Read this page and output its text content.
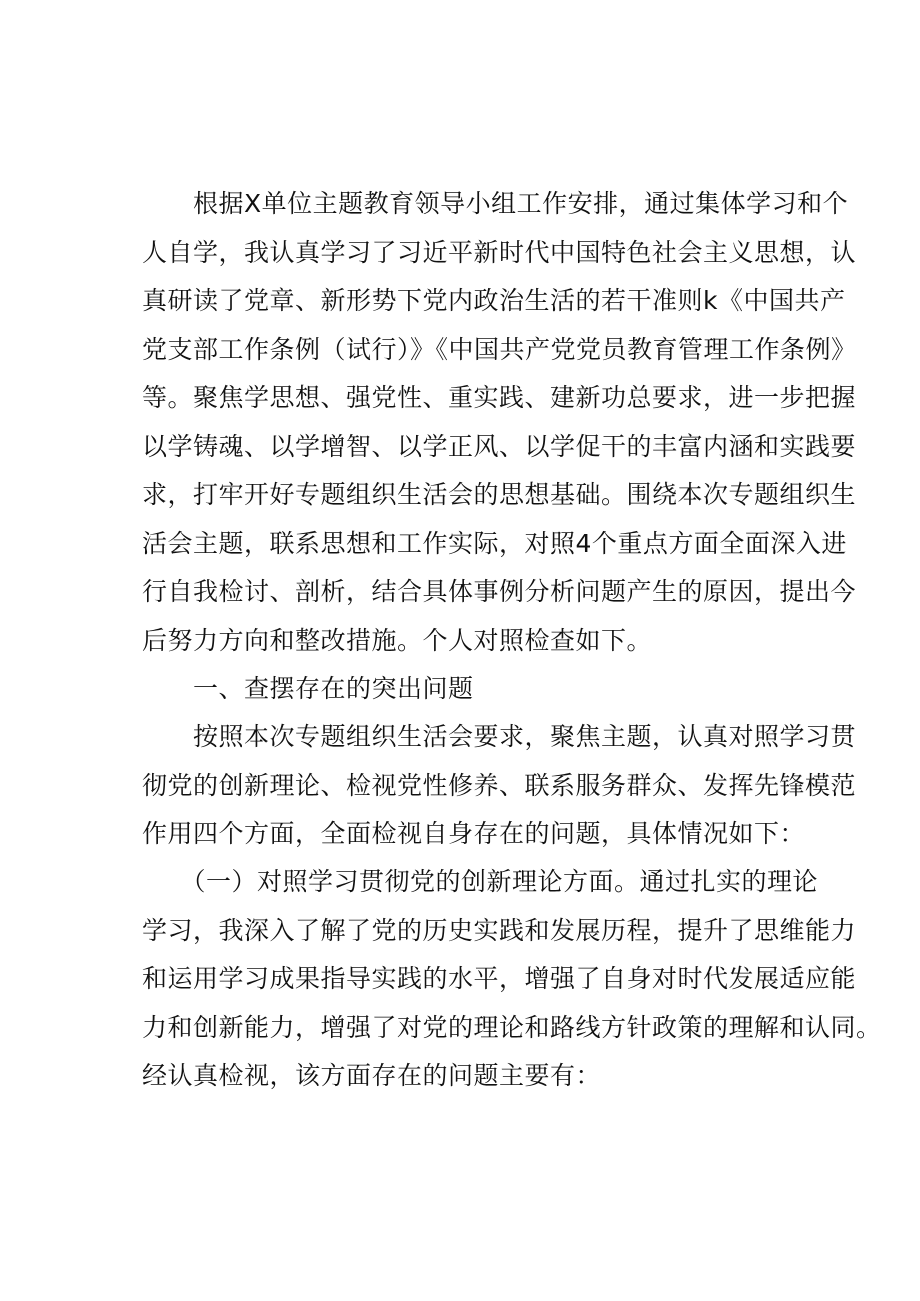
　　根据X单位主题教育领导小组工作安排，通过集体学习和个
人自学，我认真学习了习近平新时代中国特色社会主义思想，认
真研读了党章、新形势下党内政治生活的若干准则k《中国共产
党支部工作条例（试行）》《中国共产党党员教育管理工作条例》
等。聚焦学思想、强党性、重实践、建新功总要求，进一步把握
以学铸魂、以学增智、以学正风、以学促干的丰富内涵和实践要
求，打牢开好专题组织生活会的思想基础。围绕本次专题组织生
活会主题，联系思想和工作实际，对照4个重点方面全面深入进
行自我检讨、剖析，结合具体事例分析问题产生的原因，提出今
后努力方向和整改措施。个人对照检查如下。
　　一、查摆存在的突出问题
　　按照本次专题组织生活会要求，聚焦主题，认真对照学习贯
彻党的创新理论、检视党性修养、联系服务群众、发挥先锋模范
作用四个方面，全面检视自身存在的问题，具体情况如下：
　　（一）对照学习贯彻党的创新理论方面。通过扎实的理论
学习，我深入了解了党的历史实践和发展历程，提升了思维能力
和运用学习成果指导实践的水平，增强了自身对时代发展适应能
力和创新能力，增强了对党的理论和路线方针政策的理解和认同。
经认真检视，该方面存在的问题主要有：
